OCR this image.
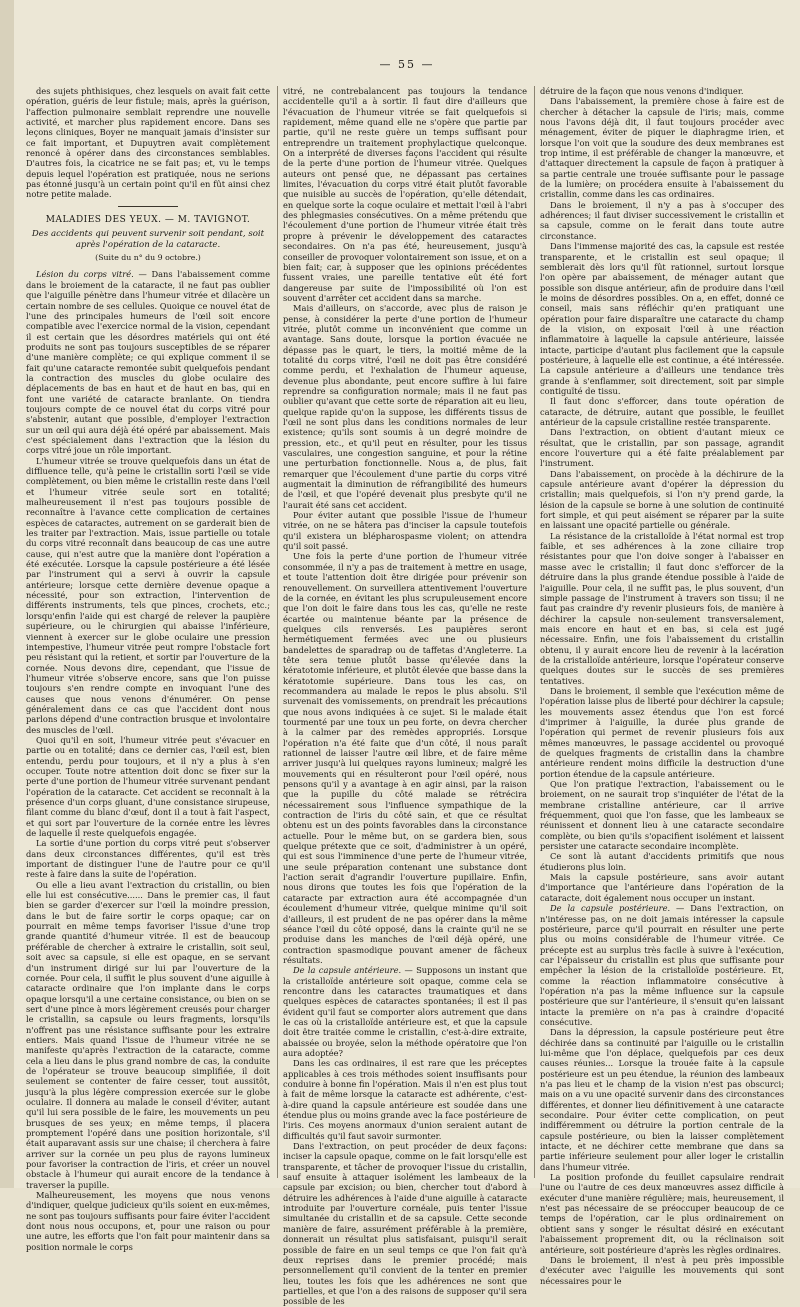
— 55 —

des sujets phthisiques, chez lesquels on avait fait cette opération, guéris de leur fistule; mais, après la guérison, l'affection pulmonaire semblait reprendre une nouvelle activité, et marcher plus rapidement encore. Dans ses leçons cliniques, Boyer ne manquait jamais d'insister sur ce fait important, et Dupuytren avait complètement renoncé à opérer dans des circonstances semblables. D'autres fois, la cicatrice ne se fait pas; et, vu le temps depuis lequel l'opération est pratiquée, nous ne serions pas étonné jusqu'à un certain point qu'il en fût ainsi chez notre petite malade.

MALADIES DES YEUX. — M. TAVIGNOT.

Des accidents qui peuvent survenir soit pendant, soit après l'opération de la cataracte.

(Suite du n° du 9 octobre.)

Lésion du corps vitré. — Dans l'abaissement comme dans le broiement de la cataracte, il ne faut pas oublier que l'aiguille pénètre dans l'humeur vitrée et dilacère un certain nombre de ses cellules. Quoique ce nouvel état de l'une des principales humeurs de l'œil soit encore compatible avec l'exercice normal de la vision, cependant il est certain que les désordres matériels qui ont été produits ne sont pas toujours susceptibles de se réparer d'une manière complète; ce qui explique comment il se fait qu'une cataracte remontée subit quelquefois pendant la contraction des muscles du globe oculaire des déplacements de bas en haut et de haut en bas, qui en font une variété de cataracte branlante. On tiendra toujours compte de ce nouvel état du corps vitré pour s'abstenir, autant que possible, d'employer l'extraction sur un œil qui aura déjà été opéré par abaissement. Mais c'est spécialement dans l'extraction que la lésion du corps vitré joue un rôle important.

L'humeur vitrée se trouve quelquefois dans un état de diffluence telle, qu'à peine le cristallin sorti l'œil se vide complètement, ou bien même le cristallin reste dans l'œil et l'humeur vitrée seule sort en totalité; malheureusement il n'est pas toujours possible de reconnaître à l'avance cette complication de certaines espèces de cataractes, autrement on se garderait bien de les traiter par l'extraction. Mais, issue partielle ou totale du corps vitré reconnaît dans beaucoup de cas une autre cause, qui n'est autre que la manière dont l'opération a été exécutée. Lorsque la capsule postérieure a été lésée par l'instrument qui a servi à ouvrir la capsule antérieure; lorsque cette dernière devenue opaque a nécessité, pour son extraction, l'intervention de différents instruments, tels que pinces, crochets, etc.; lorsqu'enfin l'aide qui est chargé de relever la paupière supérieure, ou le chirurgien qui abaisse l'inférieure, viennent à exercer sur le globe oculaire une pression intempestive, l'humeur vitrée peut rompre l'obstacle fort peu résistant qui la retient, et sortir par l'ouverture de la cornée. Nous devons dire, cependant, que l'issue de l'humeur vitrée s'observe encore, sans que l'on puisse toujours s'en rendre compte en invoquant l'une des causes que nous venons d'énumérer. On pense généralement dans ce cas que l'accident dont nous parlons dépend d'une contraction brusque et involontaire des muscles de l'œil.

Quoi qu'il en soit, l'humeur vitrée peut s'évacuer en partie ou en totalité; dans ce dernier cas, l'œil est, bien entendu, perdu pour toujours, et il n'y a plus à s'en occuper. Toute notre attention doit donc se fixer sur la perte d'une portion de l'humeur vitrée survenant pendant l'opération de la cataracte. Cet accident se reconnaît à la présence d'un corps gluant, d'une consistance sirupeuse, filant comme du blanc d'œuf, dont il a tout à fait l'aspect, et qui sort par l'ouverture de la cornée entre les lèvres de laquelle il reste quelquefois engagée.

La sortie d'une portion du corps vitré peut s'observer dans deux circonstances différentes, qu'il est très important de distinguer l'une de l'autre pour ce qu'il reste à faire dans la suite de l'opération.

Ou elle a lieu avant l'extraction du cristallin, ou bien elle lui est consécutive...... Dans le premier cas, il faut bien se garder d'exercer sur l'œil la moindre pression, dans le but de faire sortir le corps opaque; car on pourrait en même temps favoriser l'issue d'une trop grande quantité d'humeur vitrée. Il est de beaucoup préférable de chercher à extraire le cristallin, soit seul, soit avec sa capsule, si elle est opaque, en se servant d'un instrument dirigé sur lui par l'ouverture de la cornée. Pour cela, il suffit le plus souvent d'une aiguille à cataracte ordinaire que l'on implante dans le corps opaque lorsqu'il a une certaine consistance, ou bien on se sert d'une pince à mors légèrement creusés pour charger le cristallin, sa capsule ou leurs fragments, lorsqu'ils n'offrent pas une résistance suffisante pour les extraire entiers. Mais quand l'issue de l'humeur vitrée ne se manifeste qu'après l'extraction de la cataracte, comme cela a lieu dans le plus grand nombre de cas, la conduite de l'opérateur se trouve beaucoup simplifiée, il doit seulement se contenter de faire cesser, tout aussitôt, jusqu'à la plus légère compression exercée sur le globe oculaire. Il donnera au malade le conseil d'éviter, autant qu'il lui sera possible de le faire, les mouvements un peu brusques de ses yeux; en même temps, il placera promptement l'opéré dans une position horizontale, s'il était auparavant assis sur une chaise; il cherchera à faire arriver sur la cornée un peu plus de rayons lumineux pour favoriser la contraction de l'iris, et créer un nouvel obstacle à l'humeur qui aurait encore de la tendance à traverser la pupille.

Malheureusement, les moyens que nous venons d'indiquer, quelque judicieux qu'ils soient en eux-mêmes, ne sont pas toujours suffisants pour faire éviter l'accident dont nous nous occupons, et, pour une raison ou pour une autre, les efforts que l'on fait pour maintenir dans sa position normale le corps

vitré, ne contrebalancent pas toujours la tendance accidentelle qu'il a à sortir. Il faut dire d'ailleurs que l'évacuation de l'humeur vitrée se fait quelquefois si rapidement, même quand elle ne s'opère que partie par partie, qu'il ne reste guère un temps suffisant pour entreprendre un traitement prophylactique quelconque. On a interprété de diverses façons l'accident qui résulte de la perte d'une portion de l'humeur vitrée. Quelques auteurs ont pensé que, ne dépassant pas certaines limites, l'évacuation du corps vitré était plutôt favorable que nuisible au succès de l'opération, qu'elle détendait, en quelque sorte la coque oculaire et mettait l'œil à l'abri des phlegmasies consécutives. On a même prétendu que l'écoulement d'une portion de l'humeur vitrée était très propre à prévenir le développement des cataractes secondaires. On n'a pas été, heureusement, jusqu'à conseiller de provoquer volontairement son issue, et on a bien fait; car, à supposer que les opinions précédentes fussent vraies, une pareille tentative eût été fort dangereuse par suite de l'impossibilité où l'on est souvent d'arrêter cet accident dans sa marche.

Mais d'ailleurs, on s'accorde, avec plus de raison je pense, à considérer la perte d'une portion de l'humeur vitrée, plutôt comme un inconvénient que comme un avantage. Sans doute, lorsque la portion évacuée ne dépasse pas le quart, le tiers, la moitié même de la totalité du corps vitré, l'œil ne doit pas être considéré comme perdu, et l'exhalation de l'humeur aqueuse, devenue plus abondante, peut encore suffire à lui faire reprendre sa configuration normale; mais il ne faut pas oublier qu'avant que cette sorte de réparation ait eu lieu, quelque rapide qu'on la suppose, les différents tissus de l'œil ne sont plus dans les conditions normales de leur existence; qu'ils sont soumis à un degré moindre de pression, etc., et qu'il peut en résulter, pour les tissus vasculaires, une congestion sanguine, et pour la rétine une perturbation fonctionnelle. Nous a, de plus, fait remarquer que l'écoulement d'une partie du corps vitré augmentait la diminution de réfrangibilité des humeurs de l'œil, et que l'opéré devenait plus presbyte qu'il ne l'aurait été sans cet accident.

Pour éviter autant que possible l'issue de l'humeur vitrée, on ne se hâtera pas d'inciser la capsule toutefois qu'il existera un blépharospasme violent; on attendra qu'il soit passé.

Une fois la perte d'une portion de l'humeur vitrée consommée, il n'y a pas de traitement à mettre en usage, et toute l'attention doit être dirigée pour prévenir son renouvellement. On surveillera attentivement l'ouverture de la cornée, en évitant les plus scrupuleusement encore que l'on doit le faire dans tous les cas, qu'elle ne reste écartée ou maintenue béante par la présence de quelques cils renversés. Les paupières seront hermétiquement fermées avec une ou plusieurs bandelettes de sparadrap ou de taffetas d'Angleterre. La tête sera tenue plutôt basse qu'élevée dans la kératotomie inférieure, et plutôt élevée que basse dans la kératotomie supérieure. Dans tous les cas, on recommandera au malade le repos le plus absolu. S'il survenait des vomissements, on prendrait les précautions que nous avons indiquées à ce sujet. Si le malade était tourmenté par une toux un peu forte, on devra chercher à la calmer par des remèdes appropriés. Lorsque l'opération n'a été faite que d'un côté, il nous paraît rationnel de laisser l'autre œil libre, et de faire même arriver jusqu'à lui quelques rayons lumineux; malgré les mouvements qui en résulteront pour l'œil opéré, nous pensons qu'il y a avantage à en agir ainsi, par la raison que la pupille du côté malade se rétrécira nécessairement sous l'influence sympathique de la contraction de l'iris du côté sain, et que ce résultat obtenu est un des points favorables dans la circonstance actuelle. Pour le même but, on se gardera bien, sous quelque prétexte que ce soit, d'administrer à un opéré, qui est sous l'imminence d'une perte de l'humeur vitrée, une seule préparation contenant une substance dont l'action serait d'agrandir l'ouverture pupillaire. Enfin, nous dirons que toutes les fois que l'opération de la cataracte par extraction aura été accompagnée d'un écoulement d'humeur vitrée, quelque minime qu'il soit d'ailleurs, il est prudent de ne pas opérer dans la même séance l'œil du côté opposé, dans la crainte qu'il ne se produise dans les manches de l'œil déjà opéré, une contraction spasmodique pouvant amener de fâcheux résultats.

De la capsule antérieure. — Supposons un instant que la cristalloïde antérieure soit opaque, comme cela se rencontre dans les cataractes traumatiques et dans quelques espèces de cataractes spontanées; il est il pas évident qu'il faut se comporter alors autrement que dans le cas où la cristalloïde antérieure est, et que la capsule doit être traitée comme le cristallin, c'est-à-dire extraite, abaissée ou broyée, selon la méthode opératoire que l'on aura adoptée?

Dans les cas ordinaires, il est rare que les préceptes applicables à ces trois méthodes soient insuffisants pour conduire à bonne fin l'opération. Mais il n'en est plus tout à fait de même lorsque la cataracte est adhérente, c'est-à-dire quand la capsule antérieure est soudée dans une étendue plus ou moins grande avec la face postérieure de l'iris. Ces moyens anormaux d'union seraient autant de difficultés qu'il faut savoir surmonter.

Dans l'extraction, on peut procéder de deux façons: inciser la capsule opaque, comme on le fait lorsqu'elle est transparente, et tâcher de provoquer l'issue du cristallin, sauf ensuite à attaquer isolément les lambeaux de la capsule par excision; ou bien, chercher tout d'abord à détruire les adhérences à l'aide d'une aiguille à cataracte introduite par l'ouverture cornéale, puis tenter l'issue simultanée du cristallin et de sa capsule. Cette seconde manière de faire, assurément préférable à la première, donnerait un résultat plus satisfaisant, puisqu'il serait possible de faire en un seul temps ce que l'on fait qu'à deux reprises dans le premier procédé; mais personnellement qu'il convient de la tenter en premier lieu, toutes les fois que les adhérences ne sont que partielles, et que l'on a des raisons de supposer qu'il sera possible de les

détruire de la façon que nous venons d'indiquer.

Dans l'abaissement, la première chose à faire est de chercher à détacher la capsule de l'iris; mais, comme nous l'avons déjà dit, il faut toujours procéder avec ménagement, éviter de piquer le diaphragme irien, et lorsque l'on voit que la soudure des deux membranes est trop intime, il est préférable de changer la manœuvre, et d'attaquer directement la capsule de façon à pratiquer à sa partie centrale une trouée suffisante pour le passage de la lumière; on procédera ensuite à l'abaissement du cristallin, comme dans les cas ordinaires.

Dans le broiement, il n'y a pas à s'occuper des adhérences; il faut diviser successivement le cristallin et sa capsule, comme on le ferait dans toute autre circonstance.

Dans l'immense majorité des cas, la capsule est restée transparente, et le cristallin est seul opaque; il semblerait dès lors qu'il fût rationnel, surtout lorsque l'on opère par abaissement, de ménager autant que possible son disque antérieur, afin de produire dans l'œil le moins de désordres possibles. On a, en effet, donné ce conseil, mais sans réfléchir qu'en pratiquant une opération pour faire disparaître une cataracte du champ de la vision, on exposait l'œil à une réaction inflammatoire à laquelle la capsule antérieure, laissée intacte, participe d'autant plus facilement que la capsule postérieure, à laquelle elle est continue, a été intéressée. La capsule antérieure a d'ailleurs une tendance très grande à s'enflammer, soit directement, soit par simple contiguïté de tissu.

Il faut donc s'efforcer, dans toute opération de cataracte, de détruire, autant que possible, le feuillet antérieur de la capsule cristalline restée transparente.

Dans l'extraction, on obtient d'autant mieux ce résultat, que le cristallin, par son passage, agrandit encore l'ouverture qui a été faite préalablement par l'instrument.

Dans l'abaissement, on procède à la déchirure de la capsule antérieure avant d'opérer la dépression du cristallin; mais quelquefois, si l'on n'y prend garde, la lésion de la capsule se borne à une solution de continuité fort simple, et qui peut aisément se réparer par la suite en laissant une opacité partielle ou générale.

La résistance de la cristalloïde à l'état normal est trop faible, et ses adhérences à la zone ciliaire trop résistantes pour que l'on doive songer à l'abaisser en masse avec le cristallin; il faut donc s'efforcer de la détruire dans la plus grande étendue possible à l'aide de l'aiguille. Pour cela, il ne suffit pas, le plus souvent, d'un simple passage de l'instrument à travers son tissu; il ne faut pas craindre d'y revenir plusieurs fois, de manière à déchirer la capsule non-seulement transversalement, mais encore en haut et en bas, si cela est jugé nécessaire. Enfin, une fois l'abaissement du cristallin obtenu, il y aurait encore lieu de revenir à la lacération de la cristalloïde antérieure, lorsque l'opérateur conserve quelques doutes sur le succès de ses premières tentatives.

Dans le broiement, il semble que l'exécution même de l'opération laisse plus de liberté pour déchirer la capsule; les mouvements assez étendus que l'on est forcé d'imprimer à l'aiguille, la durée plus grande de l'opération qui permet de revenir plusieurs fois aux mêmes manœuvres, le passage accidentel ou provoqué de quelques fragments de cristallin dans la chambre antérieure rendent moins difficile la destruction d'une portion étendue de la capsule antérieure.

Que l'on pratique l'extraction, l'abaissement ou le broiement, on ne saurait trop s'inquiéter de l'état de la membrane cristalline antérieure, car il arrive fréquemment, quoi que l'on fasse, que les lambeaux se réunissent et donnent lieu à une cataracte secondaire complète, ou bien qu'ils s'opacifient isolément et laissent persister une cataracte secondaire incomplète.

Ce sont là autant d'accidents primitifs que nous étudierons plus loin.

Mais la capsule postérieure, sans avoir autant d'importance que l'antérieure dans l'opération de la cataracte, doit également nous occuper un instant.

De la capsule postérieure. — Dans l'extraction, on n'intéresse pas, on ne doit jamais intéresser la capsule postérieure, parce qu'il pourrait en résulter une perte plus ou moins considérable de l'humeur vitrée. Ce précepte est au surplus très facile à suivre à l'exécution, car l'épaisseur du cristallin est plus que suffisante pour empêcher la lésion de la cristalloïde postérieure. Et, comme la réaction inflammatoire consécutive à l'opération n'a pas la même influence sur la capsule postérieure que sur l'antérieure, il s'ensuit qu'en laissant intacte la première on n'a pas à craindre d'opacité consécutive.

Dans la dépression, la capsule postérieure peut être déchirée dans sa continuité par l'aiguille ou le cristallin lui-même que l'on déplace, quelquefois par ces deux causes réunies... Lorsque la trouée faite à la capsule postérieure est un peu étendue, la réunion des lambeaux n'a pas lieu et le champ de la vision n'est pas obscurci; mais on a vu une opacité survenir dans des circonstances différentes, et donner lieu définitivement à une cataracte secondaire. Pour éviter cette complication, on peut indifféremment ou détruire la portion centrale de la capsule postérieure, ou bien la laisser complètement intacte, et ne déchirer cette membrane que dans sa partie inférieure seulement pour aller loger le cristallin dans l'humeur vitrée.

La position profonde du feuillet capsulaire rendrait l'une ou l'autre de ces deux manœuvres assez difficile à exécuter d'une manière régulière; mais, heureusement, il n'est pas nécessaire de se préoccuper beaucoup de ce temps de l'opération, car le plus ordinairement on obtient sans y songer le résultat désiré en exécutant l'abaissement proprement dit, ou la réclinaison soit antérieure, soit postérieure d'après les règles ordinaires.

Dans le broiement, il n'est à peu près impossible d'exécuter avec l'aiguille les mouvements qui sont nécessaires pour le
